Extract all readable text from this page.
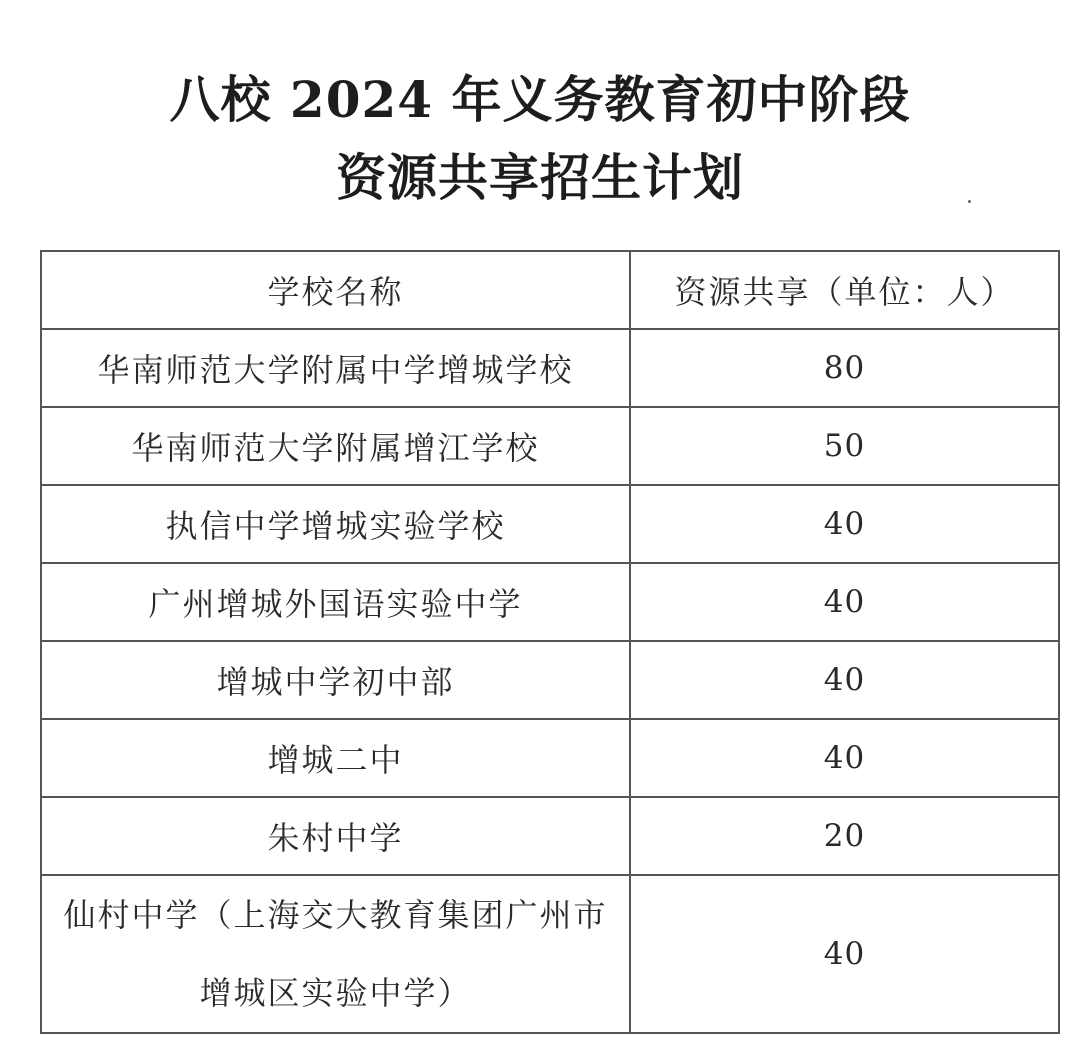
八校 2024 年义务教育初中阶段
资源共享招生计划
学校名称	资源共享（单位：人）
华南师范大学附属中学增城学校	80
华南师范大学附属增江学校	50
执信中学增城实验学校	40
广州增城外国语实验中学	40
增城中学初中部	40
增城二中	40
朱村中学	20
仙村中学（上海交大教育集团广州市增城区实验中学）	40
